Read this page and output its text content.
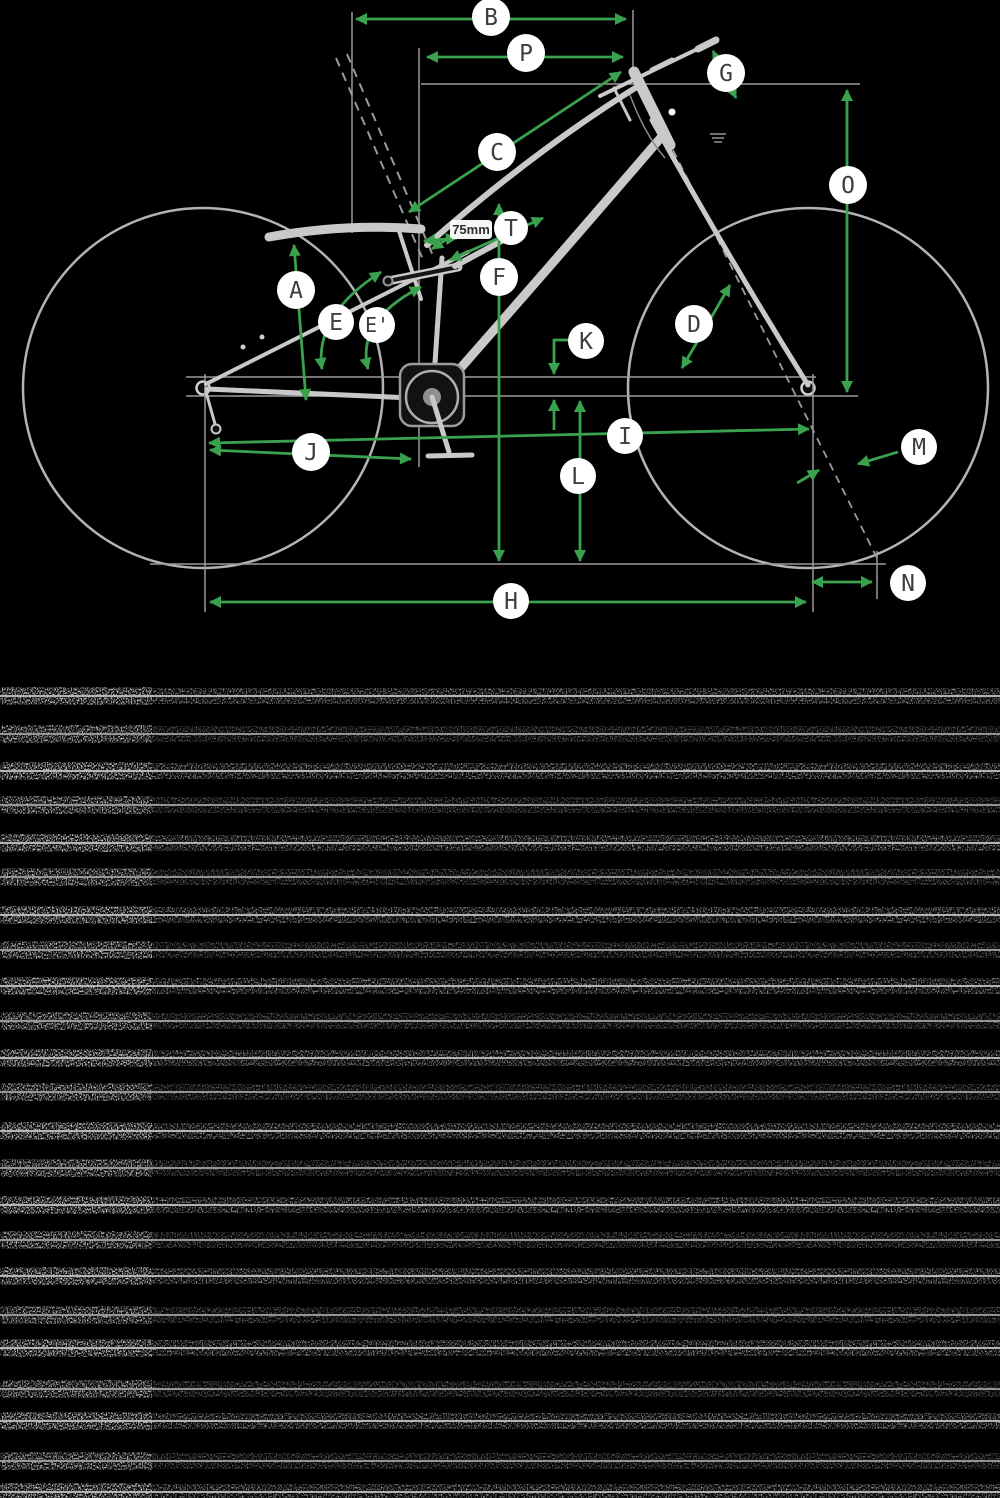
75mm
B
P
G
C
O
T
F
A
E E'	D
K
I	M
J
L
N
H
